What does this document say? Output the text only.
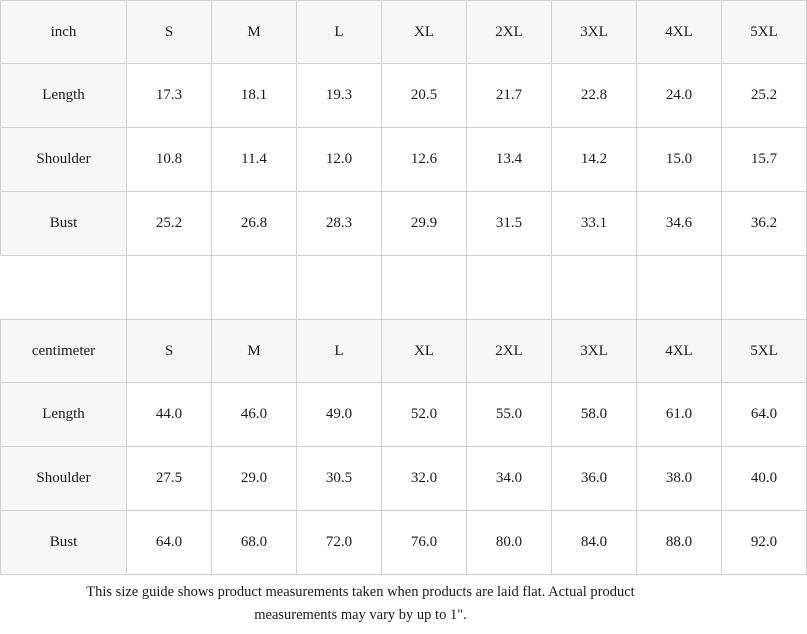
inch	S	M	L	XL	2XL	3XL	4XL	5XL
Length	17.3	18.1	19.3	20.5	21.7	22.8	24.0	25.2
Shoulder	10.8	11.4	12.0	12.6	13.4	14.2	15.0	15.7
Bust	25.2	26.8	28.3	29.9	31.5	33.1	34.6	36.2

centimeter	S	M	L	XL	2XL	3XL	4XL	5XL
Length	44.0	46.0	49.0	52.0	55.0	58.0	61.0	64.0
Shoulder	27.5	29.0	30.5	32.0	34.0	36.0	38.0	40.0
Bust	64.0	68.0	72.0	76.0	80.0	84.0	88.0	92.0
This size guide shows product measurements taken when products are laid flat. Actual product
measurements may vary by up to 1".
